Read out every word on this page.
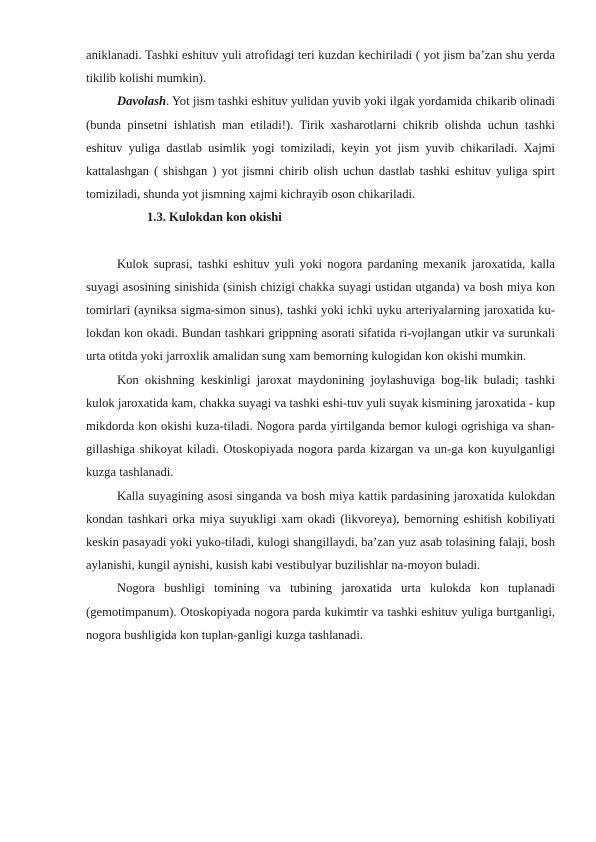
aniklanadi. Tashki eshituv yuli atrofidagi teri kuzdan kechiriladi ( yot jism ba’zan shu yerda tikilib kolishi mumkin).

Davolash. Yot jism tashki eshituv yulidan yuvib yoki ilgak yordamida chikarib olinadi (bunda pinsetni ishlatish man etiladi!). Tirik xasharotlarni chikrib olishda uchun tashki eshituv yuliga dastlab usimlik yogi tomiziladi, keyin yot jism yuvib chikariladi. Xajmi kattalashgan ( shishgan ) yot jismni chirib olish uchun dastlab tashki eshituv yuliga spirt tomiziladi, shunda yot jismning xajmi kichrayib oson chikariladi.

1.3. Kulokdan kon okishi

Kulok suprasi, tashki eshituv yuli yoki nogora pardaning mexanik jaroxatida, kalla suyagi asosining sinishida (sinish chizigi chakka suyagi ustidan utganda) va bosh miya kon tomirlari (ayniksa sigma-simon sinus), tashki yoki ichki uyku arteriyalarning jaroxatida ku-lokdan kon okadi. Bundan tashkari grippning asorati sifatida ri-vojlangan utkir va surunkali urta otitda yoki jarroxlik amalidan sung xam bemorning kulogidan kon okishi mumkin.

Kon okishning keskinligi jaroxat maydonining joylashuviga bog-lik buladi; tashki kulok jaroxatida kam, chakka suyagi va tashki eshi-tuv yuli suyak kismining jaroxatida - kup mikdorda kon okishi kuza-tiladi. Nogora parda yirtilganda bemor kulogi ogrishiga va shan-gillashiga shikoyat kiladi. Otoskopiyada nogora parda kizargan va un-ga kon kuyulganligi kuzga tashlanadi.

Kalla suyagining asosi singanda va bosh miya kattik pardasining jaroxatida kulokdan kondan tashkari orka miya suyukligi xam okadi (likvoreya), bemorning eshitish kobiliyati keskin pasayadi yoki yuko-tiladi, kulogi shangillaydi, ba’zan yuz asab tolasining falaji, bosh aylanishi, kungil aynishi, kusish kabi vestibulyar buzilishlar na-moyon buladi.

Nogora bushligi tomining va tubining jaroxatida urta kulokda kon tuplanadi (gemotimpanum). Otoskopiyada nogora parda kukimtir va tashki eshituv yuliga burtganligi, nogora bushligida kon tuplan-ganligi kuzga tashlanadi.
